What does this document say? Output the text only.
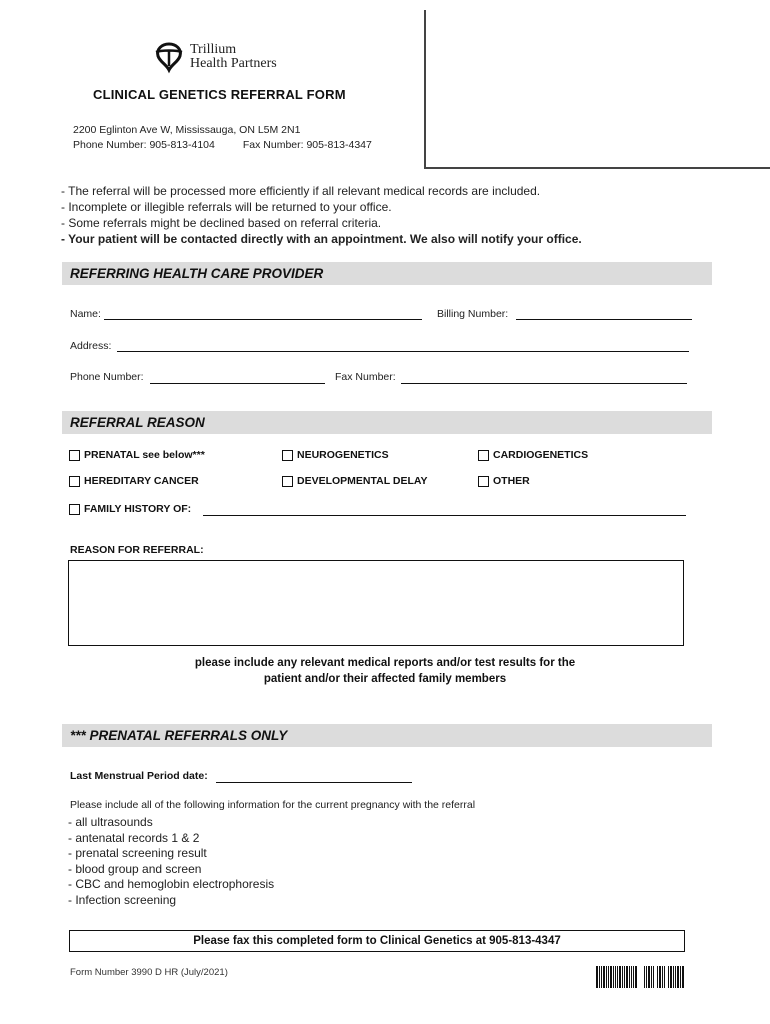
Trillium
Health Partners
CLINICAL GENETICS REFERRAL FORM
2200 Eglinton Ave W, Mississauga, ON L5M 2N1
Phone Number: 905-813-4104	Fax Number: 905-813-4347
- The referral will be processed more efficiently if all relevant medical records are included.
- Incomplete or illegible referrals will be returned to your office.
- Some referrals might be declined based on referral criteria.
- Your patient will be contacted directly with an appointment. We also will notify your office.
REFERRING HEALTH CARE PROVIDER
Name:	Billing Number:
Address:
Phone Number:	Fax Number:
REFERRAL REASON
PRENATAL see below***	NEUROGENETICS	CARDIOGENETICS
HEREDITARY CANCER	DEVELOPMENTAL DELAY	OTHER
FAMILY HISTORY OF:
REASON FOR REFERRAL:
please include any relevant medical reports and/or test results for the
patient and/or their affected family members
*** PRENATAL REFERRALS ONLY
Last Menstrual Period date:
Please include all of the following information for the current pregnancy with the referral
- all ultrasounds
- antenatal records 1 & 2
- prenatal screening result
- blood group and screen
- CBC and hemoglobin electrophoresis
- Infection screening
Please fax this completed form to Clinical Genetics at 905-813-4347
Form Number 3990 D HR (July/2021)
